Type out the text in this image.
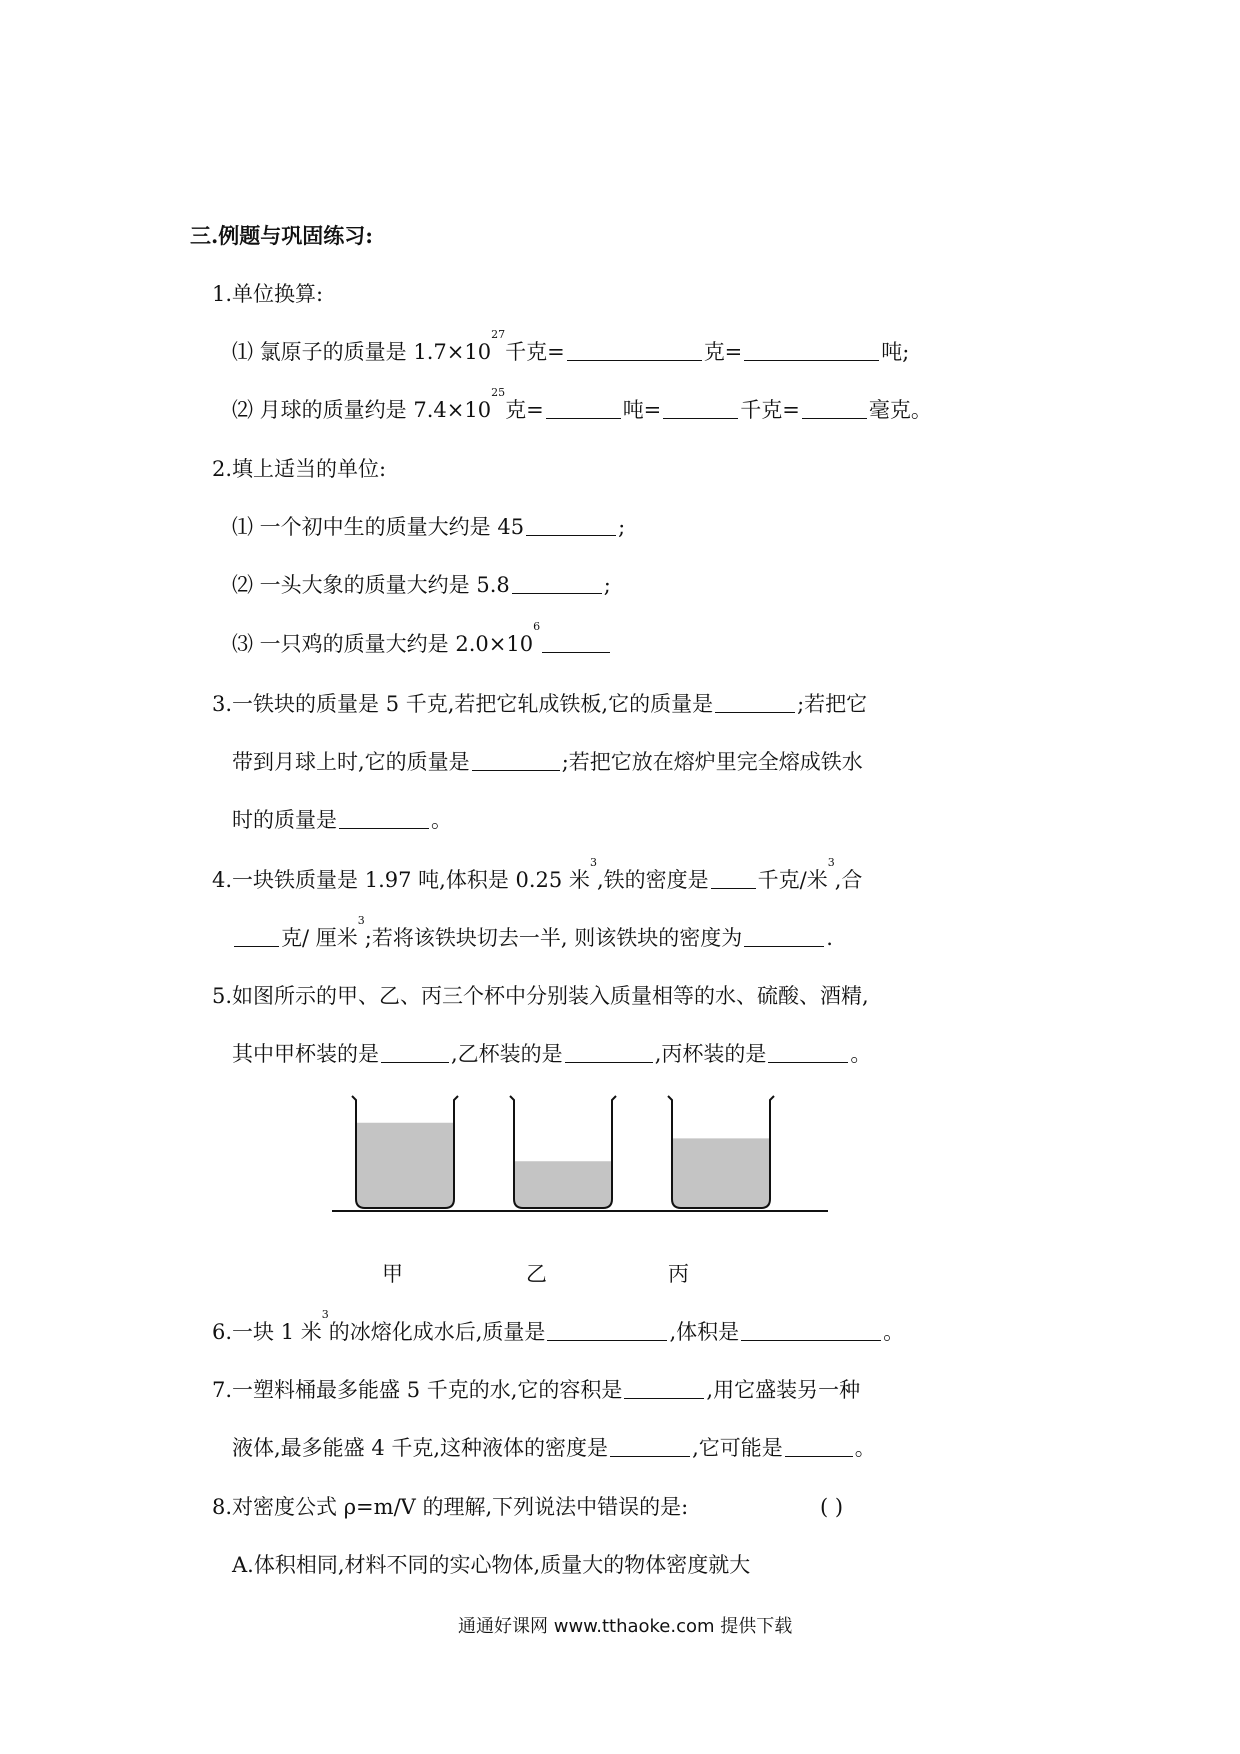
三.例题与巩固练习:
1.单位换算:
⑴ 氯原子的质量是 $1.7\times 10^{27}$千克=	克=	吨;
⑵ 月球的质量约是 $7.4\times 10^{25}$克=	吨=	千克=	毫克。
2.填上适当的单位:
⑴ 一个初中生的质量大约是 45	;
⑵ 一头大象的质量大约是 5.8	;
⑶ 一只鸡的质量大约是 $2.0\times 10^6$
3.一铁块的质量是 5 千克,若把它轧成铁板,它的质量是	;若把它
带到月球上时,它的质量是	;若把它放在熔炉里完全熔成铁水
时的质量是	。
4.一块铁质量是 1.97 吨,体积是 0.25 米$^3$,铁的密度是 千克/米$^3$,合
克/ 厘米$^3$;若将该铁块切去一半, 则该铁块的密度为	.
5.如图所示的甲、乙、丙三个杯中分别装入质量相等的水、硫酸、酒精,
其中甲杯装的是	,乙杯装的是	,丙杯装的是	。
甲	乙	丙
6.一块 1 米$^3$的冰熔化成水后,质量是	,体积是	。
7.一塑料桶最多能盛 5 千克的水,它的容积是	,用它盛装另一种
液体,最多能盛 4 千克,这种液体的密度是	,它可能是	。
8.对密度公式 ρ=m/V 的理解,下列说法中错误的是:	( )
A.体积相同,材料不同的实心物体,质量大的物体密度就大
通通好课网 www.tthaoke.com 提供下载
